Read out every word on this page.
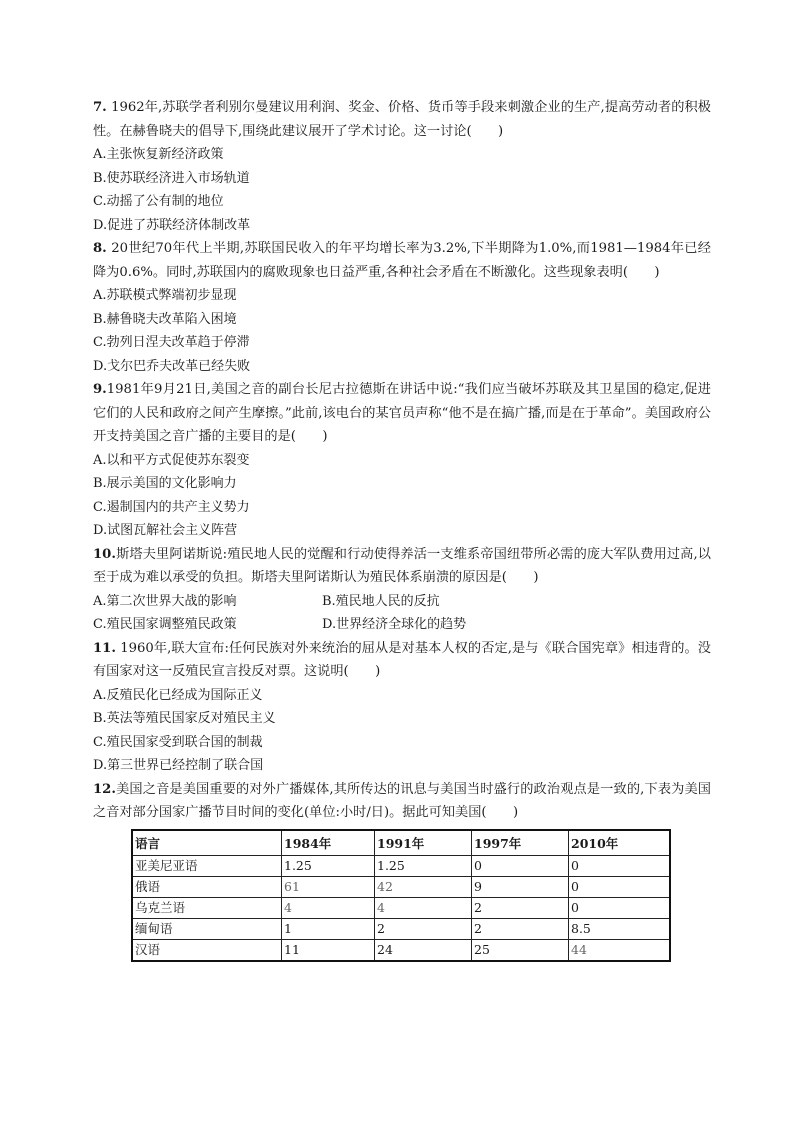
7. 1962年,苏联学者利别尔曼建议用利润、奖金、价格、货币等手段来刺激企业的生产,提高劳动者的积极性。在赫鲁晓夫的倡导下,围绕此建议展开了学术讨论。这一讨论(　　)

A.主张恢复新经济政策

B.使苏联经济进入市场轨道

C.动摇了公有制的地位

D.促进了苏联经济体制改革

8. 20世纪70年代上半期,苏联国民收入的年平均增长率为3.2%,下半期降为1.0%,而1981—1984年已经降为0.6%。同时,苏联国内的腐败现象也日益严重,各种社会矛盾在不断激化。这些现象表明(　　)

A.苏联模式弊端初步显现

B.赫鲁晓夫改革陷入困境

C.勃列日涅夫改革趋于停滞

D.戈尔巴乔夫改革已经失败

9.1981年9月21日,美国之音的副台长尼古拉德斯在讲话中说:“我们应当破坏苏联及其卫星国的稳定,促进它们的人民和政府之间产生摩擦。”此前,该电台的某官员声称“他不是在搞广播,而是在于革命”。美国政府公开支持美国之音广播的主要目的是(　　)

A.以和平方式促使苏东裂变

B.展示美国的文化影响力

C.遏制国内的共产主义势力

D.试图瓦解社会主义阵营

10.斯塔夫里阿诺斯说:殖民地人民的觉醒和行动使得养活一支维系帝国纽带所必需的庞大军队费用过高,以至于成为难以承受的负担。斯塔夫里阿诺斯认为殖民体系崩溃的原因是(　　)

A.第二次世界大战的影响	B.殖民地人民的反抗

C.殖民国家调整殖民政策	D.世界经济全球化的趋势

11. 1960年,联大宣布:任何民族对外来统治的屈从是对基本人权的否定,是与《联合国宪章》相违背的。没有国家对这一反殖民宣言投反对票。这说明(　　)

A.反殖民化已经成为国际正义

B.英法等殖民国家反对殖民主义

C.殖民国家受到联合国的制裁

D.第三世界已经控制了联合国

12.美国之音是美国重要的对外广播媒体,其所传达的讯息与美国当时盛行的政治观点是一致的,下表为美国之音对部分国家广播节目时间的变化(单位:小时/日)。据此可知美国(　　)

语言	1984年	1991年	1997年	2010年
亚美尼亚语	1.25	1.25	0	0
俄语	61	42	9	0
乌克兰语	4	4	2	0
缅甸语	1	2	2	8.5
汉语	11	24	25	44
